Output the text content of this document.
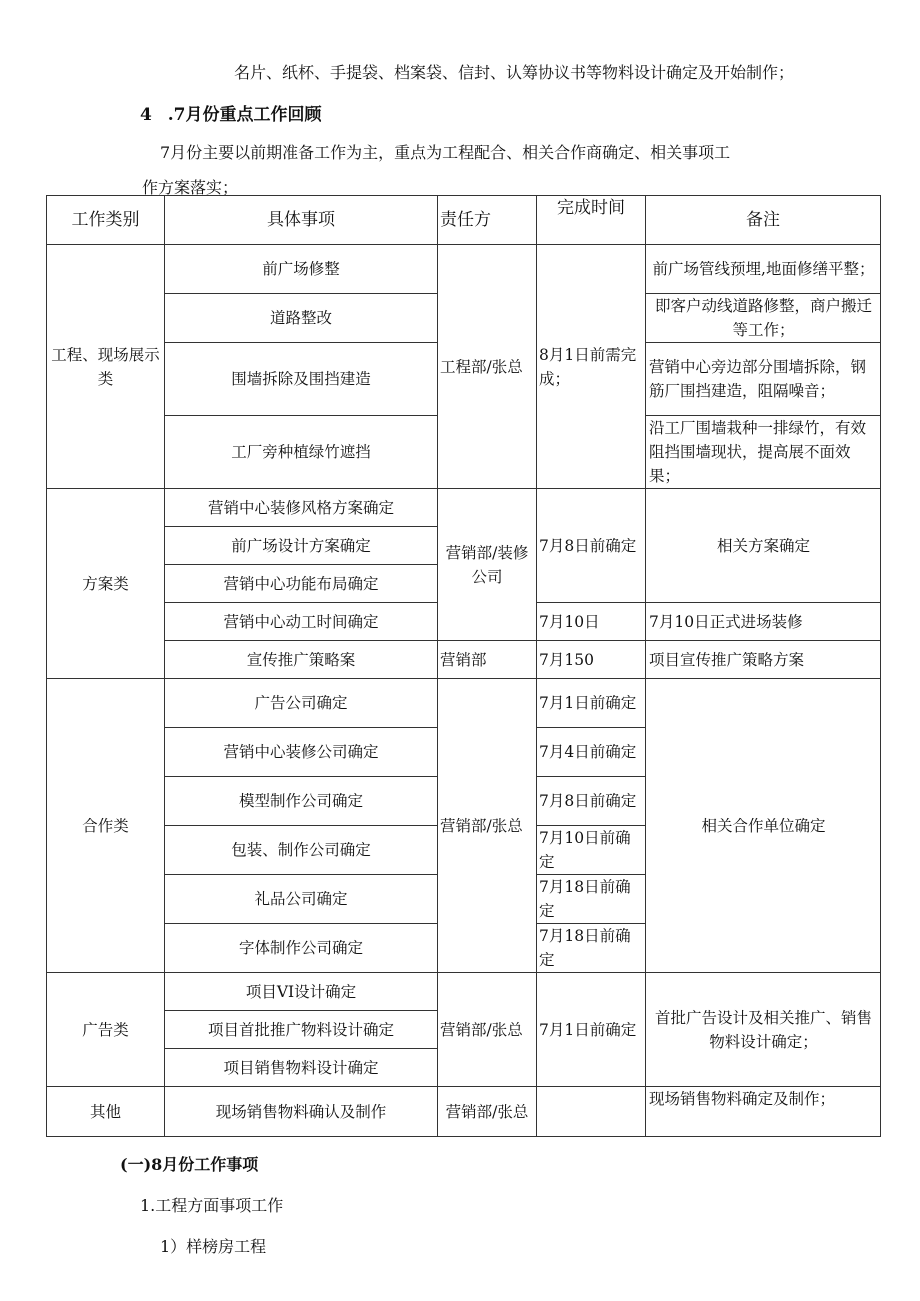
名片、纸杯、手提袋、档案袋、信封、认筹协议书等物料设计确定及开始制作；
4 .7月份重点工作回顾
7月份主要以前期准备工作为主，重点为工程配合、相关合作商确定、相关事项工
作方案落实；
工作类别	具体事项	责任方	完成时间	备注
工程、现场展示类	前广场修整	工程部/张总	8月1日前需完成；	前广场管线预埋,地面修缮平整；
	道路整改			即客户动线道路修整，商户搬迁等工作；
	围墙拆除及围挡建造			营销中心旁边部分围墙拆除，钢筋厂围挡建造，阻隔噪音；
	工厂旁种植绿竹遮挡			沿工厂围墙栽种一排绿竹，有效阻挡围墙现状，提高展不面效果；
方案类	营销中心装修风格方案确定	营销部/装修公司	7月8日前确定	相关方案确定
	前广场设计方案确定			
	营销中心功能布局确定			
	营销中心动工时间确定		7月10日	7月10日正式进场装修
	宣传推广策略案	营销部	7月150	项目宣传推广策略方案
合作类	广告公司确定	营销部/张总	7月1日前确定	相关合作单位确定
	营销中心装修公司确定		7月4日前确定	
	模型制作公司确定		7月8日前确定	
	包装、制作公司确定		7月10日前确定	
	礼品公司确定		7月18日前确定	
	字体制作公司确定		7月18日前确定	
广告类	项目VI设计确定	营销部/张总	7月1日前确定	首批广告设计及相关推广、销售物料设计确定；
	项目首批推广物料设计确定			
	项目销售物料设计确定			
其他	现场销售物料确认及制作	营销部/张总		现场销售物料确定及制作；
(一)8月份工作事项
1.工程方面事项工作
1）样榜房工程
